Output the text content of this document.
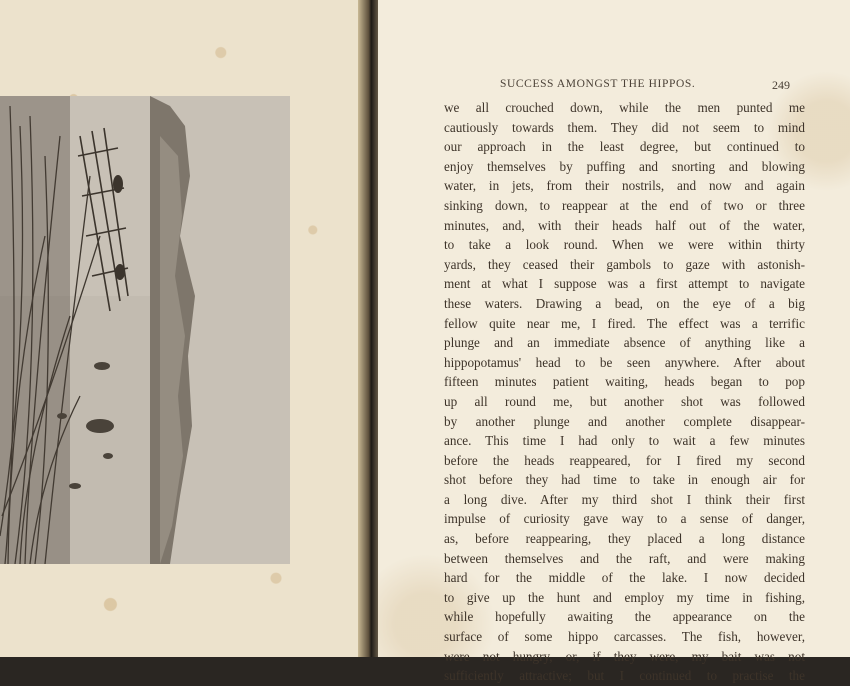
SUCCESS AMONGST THE HIPPOS.	249
we all crouched down, while the men punted me
cautiously towards them. They did not seem to mind
our approach in the least degree, but continued to
enjoy themselves by puffing and snorting and blowing
water, in jets, from their nostrils, and now and again
sinking down, to reappear at the end of two or three
minutes, and, with their heads half out of the water,
to take a look round. When we were within thirty
yards, they ceased their gambols to gaze with astonish-
ment at what I suppose was a first attempt to navigate
these waters. Drawing a bead, on the eye of a big
fellow quite near me, I fired. The effect was a terrific
plunge and an immediate absence of anything like a
hippopotamus' head to be seen anywhere. After about
fifteen minutes patient waiting, heads began to pop
up all round me, but another shot was followed
by another plunge and another complete disappear-
ance. This time I had only to wait a few minutes
before the heads reappeared, for I fired my second
shot before they had time to take in enough air for
a long dive. After my third shot I think their first
impulse of curiosity gave way to a sense of danger,
as, before reappearing, they placed a long distance
between themselves and the raft, and were making
hard for the middle of the lake. I now decided
to give up the hunt and employ my time in fishing,
while hopefully awaiting the appearance on the
surface of some hippo carcasses. The fish, however,
were not hungry, or, if they were, my bait was not
sufficiently attractive; but I continued to practise the
